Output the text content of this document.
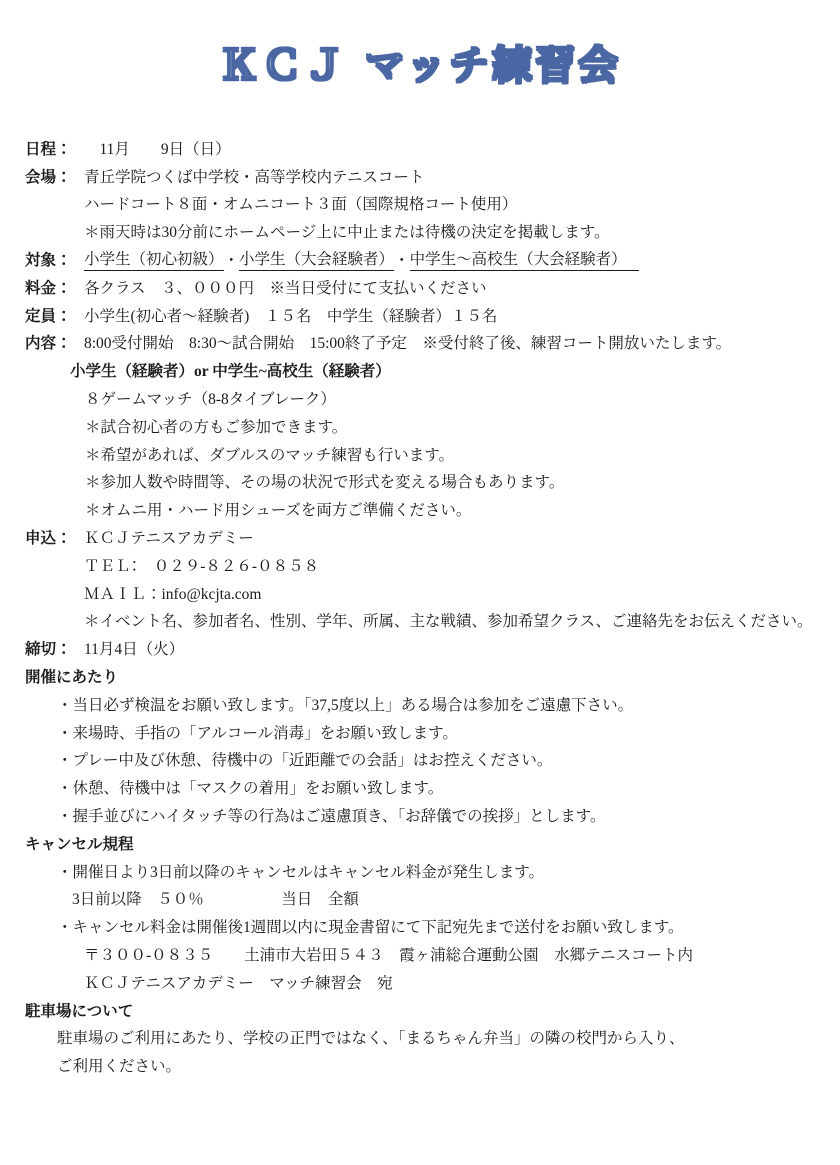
ＫＣＪ マッチ練習会
日程： 　11月　　9日（日）
会場： 青丘学院つくば中学校・高等学校内テニスコート
ハードコート８面・オムニコート３面（国際規格コート使用）
＊雨天時は30分前にホームページ上に中止または待機の決定を掲載します。
対象： 小学生（初心初級） ・ 小学生（大会経験者） ・ 中学生～高校生（大会経験者）
料金： 各クラス　３、０００円　※当日受付にて支払いください
定員： 小学生(初心者～経験者)　１５名　中学生（経験者）１５名
内容： 8:00受付開始　8:30～試合開始　15:00終了予定　※受付終了後、練習コート開放いたします。
小学生（経験者）or 中学生~高校生（経験者）
８ゲームマッチ（8-8タイブレーク）
＊試合初心者の方もご参加できます。
＊希望があれば、ダブルスのマッチ練習も行います。
＊参加人数や時間等、その場の状況で形式を変える場合もあります。
＊オムニ用・ハード用シューズを両方ご準備ください。
申込： ＫＣＪテニスアカデミー
ＴＥＬ：　０２９‐８２６‐０８５８
ＭＡＩＬ：info@kcjta.com
＊イベント名、参加者名、性別、学年、所属、主な戦績、参加希望クラス、ご連絡先をお伝えください。
締切： 11月4日（火）
開催にあたり
・当日必ず検温をお願い致します。「37,5度以上」ある場合は参加をご遠慮下さい。
・来場時、手指の「アルコール消毒」をお願い致します。
・プレー中及び休憩、待機中の「近距離での会話」はお控えください。
・休憩、待機中は「マスクの着用」をお願い致します。
・握手並びにハイタッチ等の行為はご遠慮頂き、「お辞儀での挨拶」とします。
キャンセル規程
・開催日より3日前以降のキャンセルはキャンセル料金が発生します。
3日前以降　５０％　　　　　当日　全額
・キャンセル料金は開催後1週間以内に現金書留にて下記宛先まで送付をお願い致します。
〒３００‐０８３５　　土浦市大岩田５４３　霞ヶ浦総合運動公園　水郷テニスコート内
ＫＣＪテニスアカデミー　マッチ練習会　宛
駐車場について
駐車場のご利用にあたり、学校の正門ではなく、「まるちゃん弁当」の隣の校門から入り、
ご利用ください。
